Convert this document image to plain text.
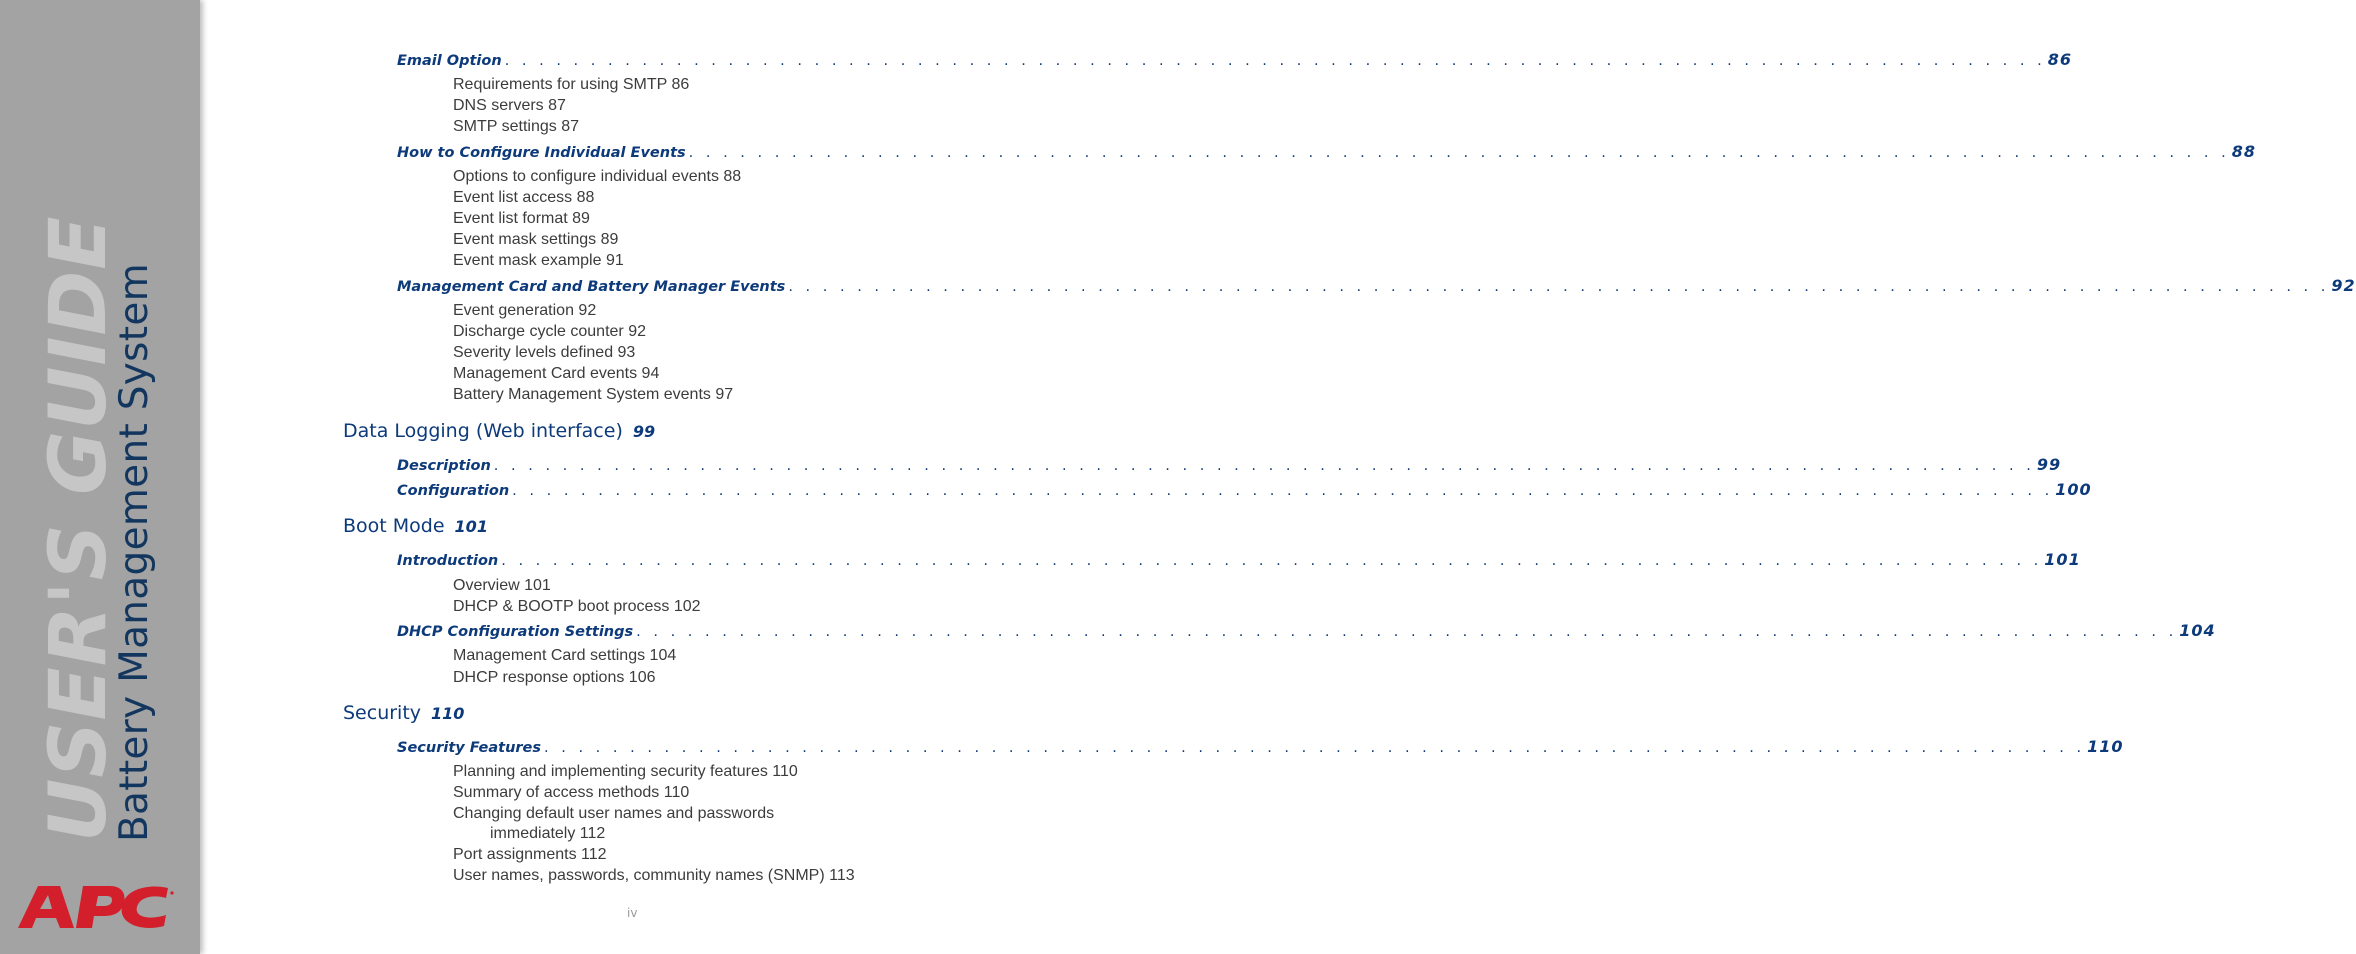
USER'S GUIDE
Battery Management System
Email Option . . . . . . . . . . . . . . . . . . . . . . . . . . . . . . . . . . . . . . . . . . . . . . . . . . . . . . . . . . . . . . . . . . . . . . . . . . . . . . . . . . . . . . . . . . 86
Requirements for using SMTP 86
DNS servers 87
SMTP settings 87
How to Configure Individual Events . . . . . . . . . . . . . . . . . . . . . . . . . . . . . . . . . . . . . . . . . . . . . . . . . . . . . . . . . . . . . . . . . . . . . . . . . . . . . . . . . . . . . . . . . . 88
Options to configure individual events 88
Event list access 88
Event list format 89
Event mask settings 89
Event mask example 91
Management Card and Battery Manager Events . . . . . . . . . . . . . . . . . . . . . . . . . . . . . . . . . . . . . . . . . . . . . . . . . . . . . . . . . . . . . . . . . . . . . . . . . . . . . . . . . . . . . . . . . . 92
Event generation 92
Discharge cycle counter 92
Severity levels defined 93
Management Card events 94
Battery Management System events 97
Data Logging (Web interface) 99
Description . . . . . . . . . . . . . . . . . . . . . . . . . . . . . . . . . . . . . . . . . . . . . . . . . . . . . . . . . . . . . . . . . . . . . . . . . . . . . . . . . . . . . . . . . . 99
Configuration . . . . . . . . . . . . . . . . . . . . . . . . . . . . . . . . . . . . . . . . . . . . . . . . . . . . . . . . . . . . . . . . . . . . . . . . . . . . . . . . . . . . . . . . . . 100
Boot Mode 101
Introduction . . . . . . . . . . . . . . . . . . . . . . . . . . . . . . . . . . . . . . . . . . . . . . . . . . . . . . . . . . . . . . . . . . . . . . . . . . . . . . . . . . . . . . . . . . 101
Overview 101
DHCP & BOOTP boot process 102
DHCP Configuration Settings . . . . . . . . . . . . . . . . . . . . . . . . . . . . . . . . . . . . . . . . . . . . . . . . . . . . . . . . . . . . . . . . . . . . . . . . . . . . . . . . . . . . . . . . . . 104
Management Card settings 104
DHCP response options 106
Security 110
Security Features . . . . . . . . . . . . . . . . . . . . . . . . . . . . . . . . . . . . . . . . . . . . . . . . . . . . . . . . . . . . . . . . . . . . . . . . . . . . . . . . . . . . . . . . . . 110
Planning and implementing security features 110
Summary of access methods 110
Changing default user names and passwords
immediately 112
Port assignments 112
User names, passwords, community names (SNMP) 113
iv
